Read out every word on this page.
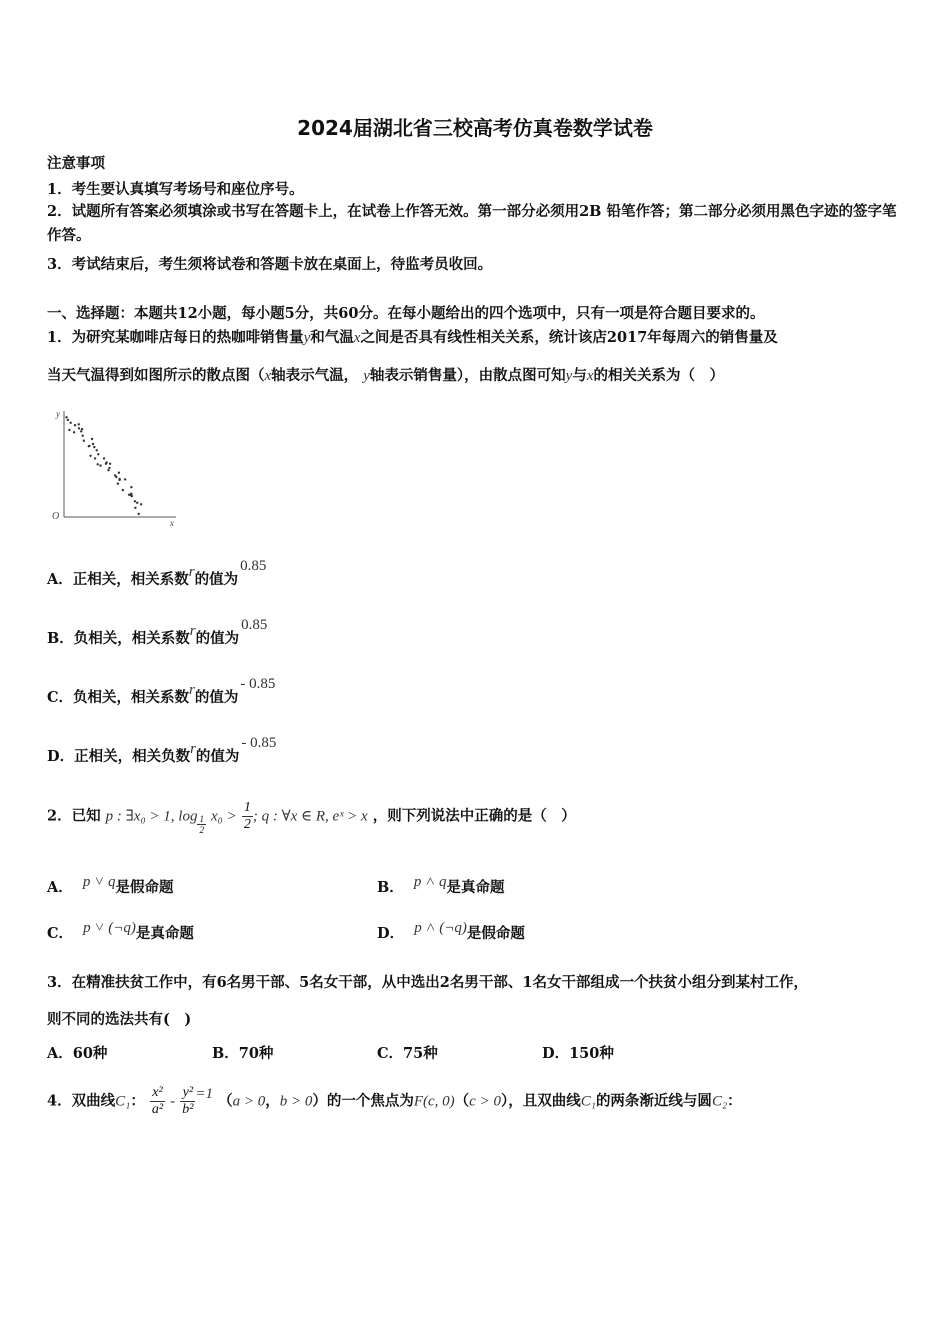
2024届湖北省三校高考仿真卷数学试卷
注意事项
1．考生要认真填写考场号和座位序号。
2．试题所有答案必须填涂或书写在答题卡上，在试卷上作答无效。第一部分必须用2B 铅笔作答；第二部分必须用黑色字迹的签字笔作答。
3．考试结束后，考生须将试卷和答题卡放在桌面上，待监考员收回。
一、选择题：本题共12小题，每小题5分，共60分。在每小题给出的四个选项中，只有一项是符合题目要求的。
1．为研究某咖啡店每日的热咖啡销售量y和气温x之间是否具有线性相关关系，统计该店2017年每周六的销售量及
当天气温得到如图所示的散点图（x轴表示气温， y轴表示销售量），由散点图可知y与x的相关关系为（　）
O
x
y
A．正相关，相关系数r的值为0.85
B．负相关，相关系数r的值为0.85
C．负相关，相关系数r的值为- 0.85
D．正相关，相关负数r的值为- 0.85
2．已知 p : ∃x₀ > 1, $\log \frac{1}{2} x_0 > \frac{1}{2}$ ; q : ∀x ∈ R, eˣ > x ，则下列说法中正确的是（　）
A． p ˅ q是假命题	B． p ˄ q是真命题
C． p ˅ (¬q)是真命题	D． p ˄ (¬q)是假命题
3．在精准扶贫工作中，有6名男干部、5名女干部，从中选出2名男干部、1名女干部组成一个扶贫小组分到某村工作，
则不同的选法共有(　)
A．60种	B．70种	C．75种	D．150种
4．双曲线C₁： $\frac{\text{x²}}{\text{a²}} - \frac{\text{y²}}{\text{b²}} =1$ （a > 0，b > 0）的一个焦点为F(c, 0)（c > 0），且双曲线C₁的两条渐近线与圆C₂：
